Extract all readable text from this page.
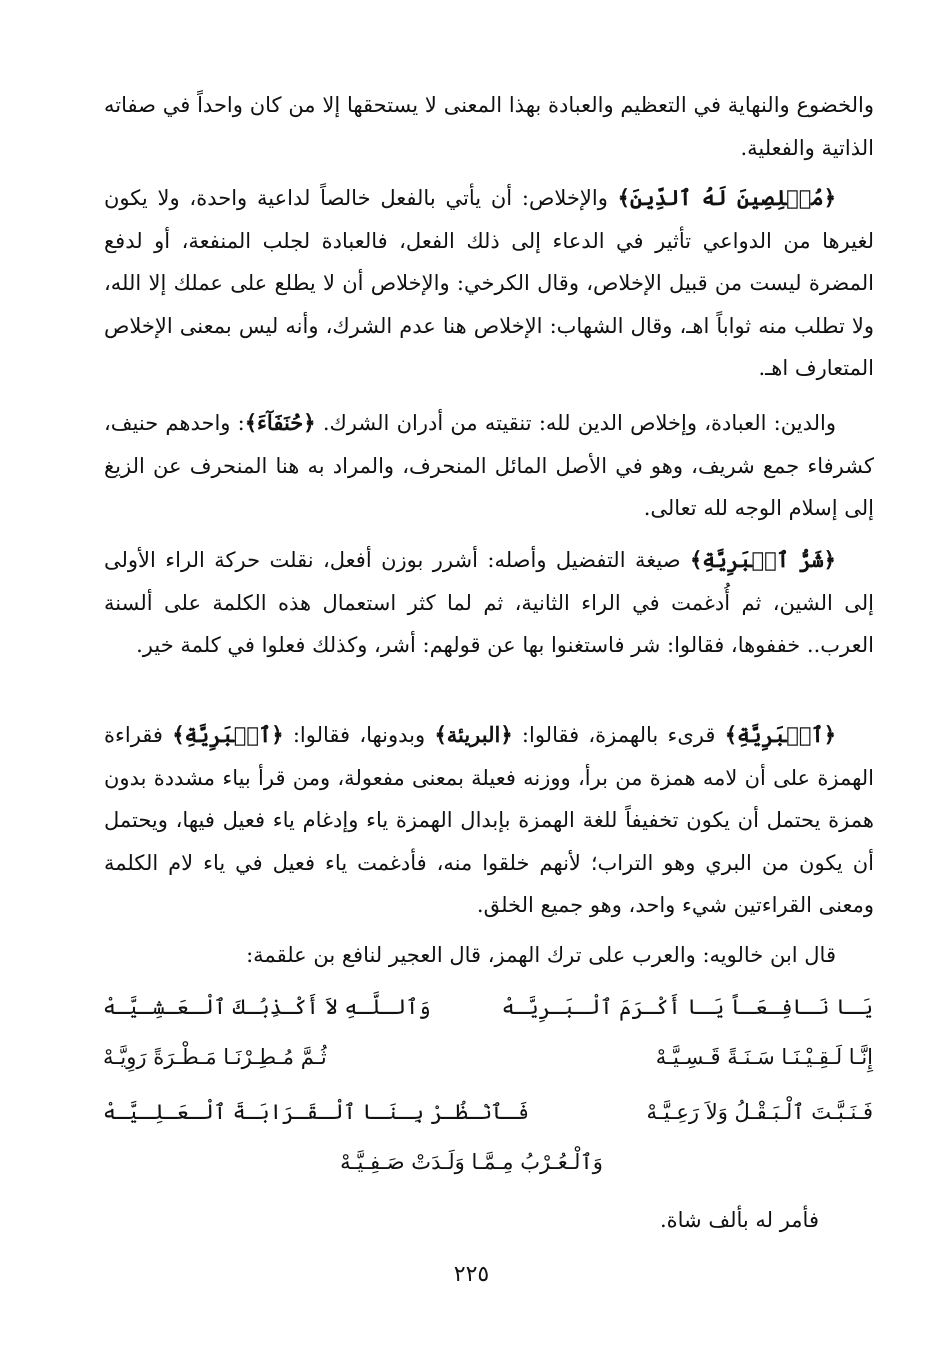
والخضوع والنهاية في التعظيم والعبادة بهذا المعنى لا يستحقها إلا من كان واحداً في صفاته الذاتية والفعلية.
﴿مُخۡلِصِينَ لَهُ ٱلدِّينَ﴾ والإخلاص: أن يأتي بالفعل خالصاً لداعية واحدة، ولا يكون لغيرها من الدواعي تأثير في الدعاء إلى ذلك الفعل، فالعبادة لجلب المنفعة، أو لدفع المضرة ليست من قبيل الإخلاص، وقال الكرخي: والإخلاص أن لا يطلع على عملك إلا الله، ولا تطلب منه ثواباً اهـ، وقال الشهاب: الإخلاص هنا عدم الشرك، وأنه ليس بمعنى الإخلاص المتعارف اهـ.
والدين: العبادة، وإخلاص الدين لله: تنقيته من أدران الشرك. ﴿حُنَفَآءَ﴾: واحدهم حنيف، كشرفاء جمع شريف، وهو في الأصل المائل المنحرف، والمراد به هنا المنحرف عن الزيغ إلى إسلام الوجه لله تعالى.
﴿شَرُّ ٱلۡبَرِيَّةِ﴾ صيغة التفضيل وأصله: أشرر بوزن أفعل، نقلت حركة الراء الأولى إلى الشين، ثم أُدغمت في الراء الثانية، ثم لما كثر استعمال هذه الكلمة على ألسنة العرب.. خففوها، فقالوا: شر فاستغنوا بها عن قولهم: أشر، وكذلك فعلوا في كلمة خير.
﴿ٱلۡبَرِيَّةِ﴾ قرىء بالهمزة، فقالوا: ﴿البريئة﴾ وبدونها، فقالوا: ﴿ٱلۡبَرِيَّةِ﴾ فقراءة الهمزة على أن لامه همزة من برأ، ووزنه فعيلة بمعنى مفعولة، ومن قرأ بياء مشددة بدون همزة يحتمل أن يكون تخفيفاً للغة الهمزة بإبدال الهمزة ياء وإدغام ياء فعيل فيها، ويحتمل أن يكون من البري وهو التراب؛ لأنهم خلقوا منه، فأدغمت ياء فعيل في ياء لام الكلمة ومعنى القراءتين شيء واحد، وهو جميع الخلق.
قال ابن خالويه: والعرب على ترك الهمز، قال العجير لنافع بن علقمة:
يَـا نَـافِـعَـاً يَـا أَكْـرَمَ ٱلْـبَـرِيَّـهْ
وَٱلـلَّـهِ لاَ أَكْـذِبُـكَ ٱلْـعَـشِـيَّـهْ
إِنَّـا لَـقِـيْـنَـا سَـنَـةً قَـسِـيَّـهْ
ثُـمَّ مُـطِـرْنَـا مَـطْـرَةً رَوِيَّـهْ
فَـنَـبَّـتَ ٱلْـبَـقْـلُ وَلاَ رَعِـيَّـهْ
فَـٱنْـظُـرْ بِـنَـا ٱلْـقَـرَابَـةَ ٱلْـعَـلِـيَّـهْ
وَٱلْـعُـرْبُ مِـمَّـا وَلَـدَتْ صَـفِـيَّـهْ
فأمر له بألف شاة.
٢٢٥
